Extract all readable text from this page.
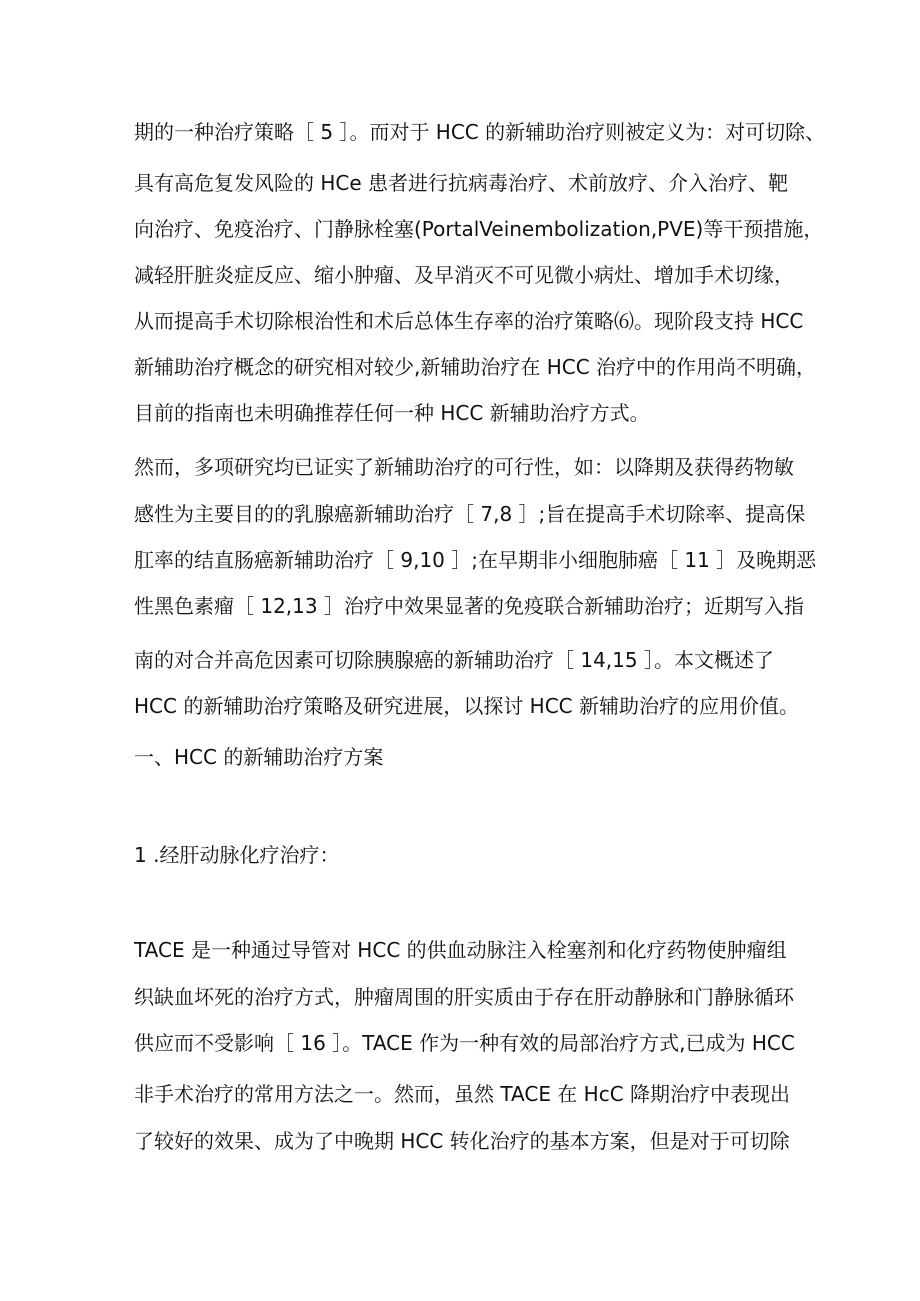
期的一种治疗策略［ 5 ］。而对于 HCC 的新辅助治疗则被定义为：对可切除、
具有高危复发风险的 HCe 患者进行抗病毒治疗、术前放疗、介入治疗、靶
向治疗、免疫治疗、门静脉栓塞(PortalVeinembolization,PVE)等干预措施，
减轻肝脏炎症反应、缩小肿瘤、及早消灭不可见微小病灶、增加手术切缘，
从而提高手术切除根治性和术后总体生存率的治疗策略⑹。现阶段支持 HCC
新辅助治疗概念的研究相对较少,新辅助治疗在 HCC 治疗中的作用尚不明确，
目前的指南也未明确推荐任何一种 HCC 新辅助治疗方式。
然而，多项研究均已证实了新辅助治疗的可行性，如：以降期及获得药物敏
感性为主要目的的乳腺癌新辅助治疗［ 7,8 ］;旨在提高手术切除率、提高保
肛率的结直肠癌新辅助治疗［ 9,10 ］;在早期非小细胞肺癌［ 11 ］及晚期恶
性黑色素瘤［ 12,13 ］治疗中效果显著的免疫联合新辅助治疗；近期写入指
南的对合并高危因素可切除胰腺癌的新辅助治疗［ 14,15 ］。本文概述了
HCC 的新辅助治疗策略及研究进展，以探讨 HCC 新辅助治疗的应用价值。
一、HCC 的新辅助治疗方案
1 .经肝动脉化疗治疗：
TACE 是一种通过导管对 HCC 的供血动脉注入栓塞剂和化疗药物使肿瘤组
织缺血坏死的治疗方式，肿瘤周围的肝实质由于存在肝动静脉和门静脉循环
供应而不受影响［ 16 ］。TACE 作为一种有效的局部治疗方式,已成为 HCC
非手术治疗的常用方法之一。然而，虽然 TACE 在 HcC 降期治疗中表现出
了较好的效果、成为了中晚期 HCC 转化治疗的基本方案，但是对于可切除
